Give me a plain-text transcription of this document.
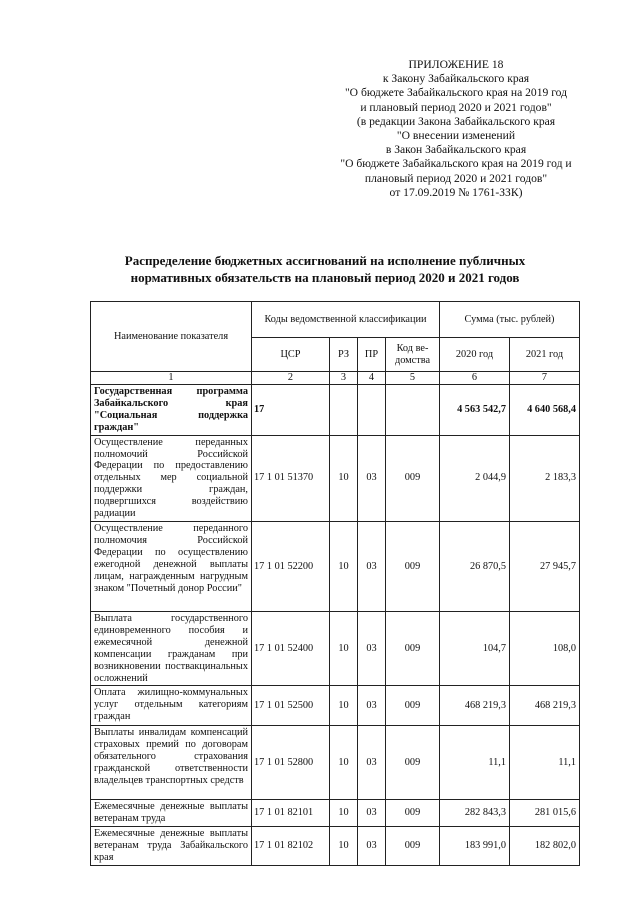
ПРИЛОЖЕНИЕ 18
к Закону Забайкальского края
"О бюджете Забайкальского края на 2019 год
и плановый период 2020 и 2021 годов"
(в редакции Закона Забайкальского края
"О внесении изменений
в Закон Забайкальского края
"О бюджете Забайкальского края на 2019 год и
плановый период 2020 и 2021 годов"
от 17.09.2019 № 1761-ЗЗК)
Распределение бюджетных ассигнований на исполнение публичных
нормативных обязательств на плановый период 2020 и 2021 годов
Наименование показателя	Коды ведомственной классификации				Сумма (тыс. рублей)	
	ЦСР	РЗ	ПР	Код ве-домства	2020 год	2021 год
1	2	3	4	5	6	7
Государственная программа Забайкальского края "Социальная поддержка граждан"	17				4 563 542,7	4 640 568,4
Осуществление переданных полномочий Российской Федерации по предоставлению отдельных мер социальной поддержки граждан, подвергшихся воздействию радиации	17 1 01 51370	10	03	009	2 044,9	2 183,3
Осуществление переданного полномочия Российской Федерации по осуществлению ежегодной денежной выплаты лицам, награжденным нагрудным знаком "Почетный донор России"	17 1 01 52200	10	03	009	26 870,5	27 945,7
Выплата государственного единовременного пособия и ежемесячной денежной компенсации гражданам при возникновении поствакцинальных осложнений	17 1 01 52400	10	03	009	104,7	108,0
Оплата жилищно-коммунальных услуг отдельным категориям граждан	17 1 01 52500	10	03	009	468 219,3	468 219,3
Выплаты инвалидам компенсаций страховых премий по договорам обязательного страхования гражданской ответственности владельцев транспортных средств	17 1 01 52800	10	03	009	11,1	11,1
Ежемесячные денежные выплаты ветеранам труда	17 1 01 82101	10	03	009	282 843,3	281 015,6
Ежемесячные денежные выплаты ветеранам труда Забайкальского края	17 1 01 82102	10	03	009	183 991,0	182 802,0
